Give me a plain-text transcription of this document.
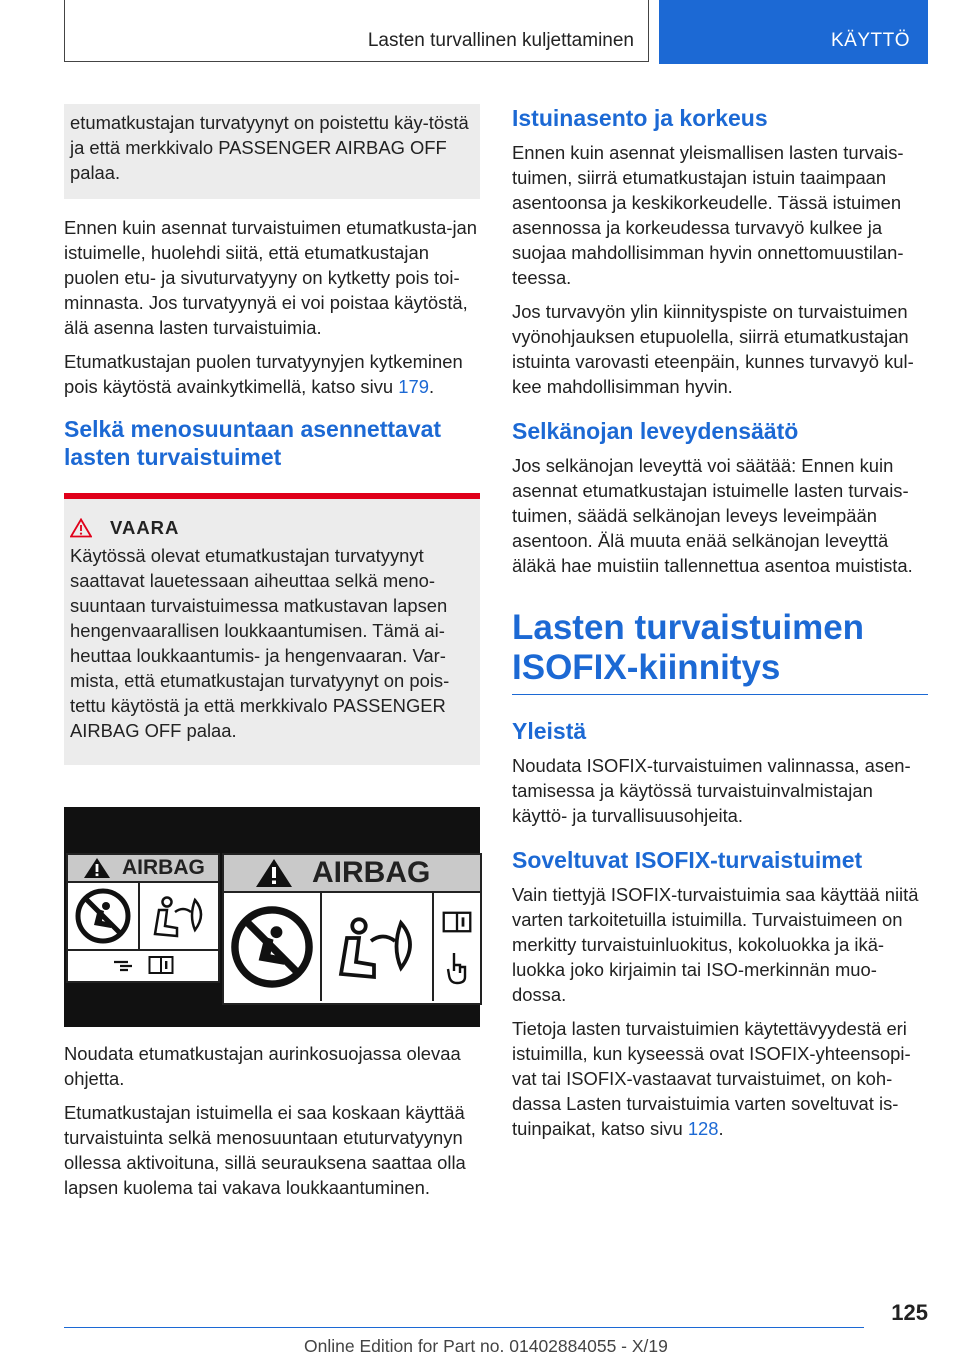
Lasten turvallinen kuljettaminen	KÄYTTÖ

etumatkustajan turvatyynyt on poistettu käy-töstä ja että merkkivalo PASSENGER AIRBAG OFF palaa.

Ennen kuin asennat turvaistuimen etumatkusta-jan istuimelle, huolehdi siitä, että etumatkustajan puolen etu- ja sivuturvatyyny on kytketty pois toi-minnasta. Jos turvatyynyä ei voi poistaa käytöstä, älä asenna lasten turvaistuimia.

Etumatkustajan puolen turvatyynyjen kytkeminen pois käytöstä avainkytkimellä, katso sivu 179.

Selkä menosuuntaan asennettavat lasten turvaistuimet
VAARA

Käytössä olevat etumatkustajan turvatyynyt saattavat lauetessaan aiheuttaa selkä meno-suuntaan turvaistuimessa matkustavan lapsen hengenvaarallisen loukkaantumisen. Tämä ai-heuttaa loukkaantumis- ja hengenvaaran. Var-mista, että etumatkustajan turvatyynyt on pois-tettu käytöstä ja että merkkivalo PASSENGER AIRBAG OFF palaa.

AIRBAG	AIRBAG

Noudata etumatkustajan aurinkosuojassa olevaa ohjetta.

Etumatkustajan istuimella ei saa koskaan käyttää turvaistuinta selkä menosuuntaan etuturvatyynyn ollessa aktivoituna, sillä seurauksena saattaa olla lapsen kuolema tai vakava loukkaantuminen.

Istuinasento ja korkeus

Ennen kuin asennat yleismallisen lasten turvais-tuimen, siirrä etumatkustajan istuin taaimpaan asentoonsa ja keskikorkeudelle. Tässä istuimen asennossa ja korkeudessa turvavyö kulkee ja suojaa mahdollisimman hyvin onnettomuustilan-teessa.

Jos turvavyön ylin kiinnityspiste on turvaistuimen vyönohjauksen etupuolella, siirrä etumatkustajan istuinta varovasti eteenpäin, kunnes turvavyö kul-kee mahdollisimman hyvin.

Selkänojan leveydensäätö

Jos selkänojan leveyttä voi säätää: Ennen kuin asennat etumatkustajan istuimelle lasten turvais-tuimen, säädä selkänojan leveys leveimpään asentoon. Älä muuta enää selkänojan leveyttä äläkä hae muistiin tallennettua asentoa muistista.

Lasten turvaistuimen ISOFIX-kiinnitys
Yleistä

Noudata ISOFIX-turvaistuimen valinnassa, asen-tamisessa ja käytössä turvaistuinvalmistajan käyttö- ja turvallisuusohjeita.

Soveltuvat ISOFIX-turvaistuimet

Vain tiettyjä ISOFIX-turvaistuimia saa käyttää niitä varten tarkoitetuilla istuimilla. Turvaistuimeen on merkitty turvaistuinluokitus, kokoluokka ja ikä-luokka joko kirjaimin tai ISO-merkinnän muo-dossa.

Tietoja lasten turvaistuimien käytettävyydestä eri istuimilla, kun kyseessä ovat ISOFIX-yhteensopi-vat tai ISOFIX-vastaavat turvaistuimet, on koh-dassa Lasten turvaistuimia varten soveltuvat is-tuinpaikat, katso sivu 128.

125
Online Edition for Part no. 01402884055 - X/19
